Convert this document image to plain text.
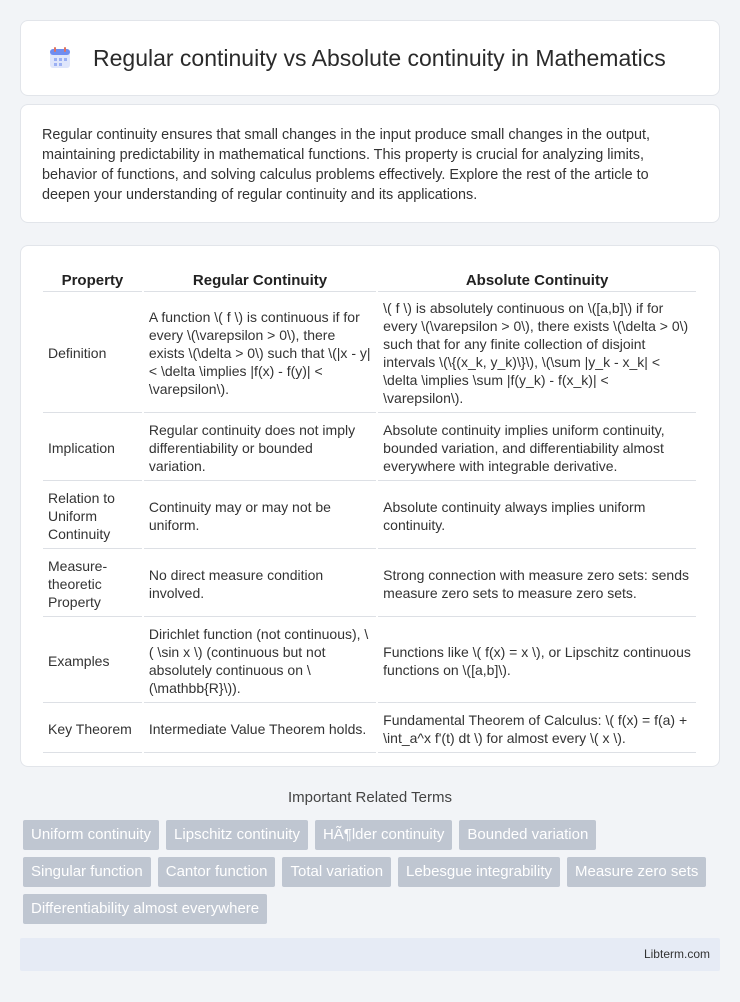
Regular continuity vs Absolute continuity in Mathematics

Regular continuity ensures that small changes in the input produce small changes in the output, maintaining predictability in mathematical functions. This property is crucial for analyzing limits, behavior of functions, and solving calculus problems effectively. Explore the rest of the article to deepen your understanding of regular continuity and its applications.

Property	Regular Continuity	Absolute Continuity
Definition	A function \( f \) is continuous if for every \(\varepsilon > 0\), there exists \(\delta > 0\) such that \(|x - y| < \delta \implies |f(x) - f(y)| < \varepsilon\).	\( f \) is absolutely continuous on \([a,b]\) if for every \(\varepsilon > 0\), there exists \(\delta > 0\) such that for any finite collection of disjoint intervals \(\{(x_k, y_k)\}\), \(\sum |y_k - x_k| < \delta \implies \sum |f(y_k) - f(x_k)| < \varepsilon\).
Implication	Regular continuity does not imply differentiability or bounded variation.	Absolute continuity implies uniform continuity, bounded variation, and differentiability almost everywhere with integrable derivative.
Relation to Uniform Continuity	Continuity may or may not be uniform.	Absolute continuity always implies uniform continuity.
Measure-theoretic Property	No direct measure condition involved.	Strong connection with measure zero sets: sends measure zero sets to measure zero sets.
Examples	Dirichlet function (not continuous), \( \sin x \) (continuous but not absolutely continuous on \(\mathbb{R}\)).	Functions like \( f(x) = x \), or Lipschitz continuous functions on \([a,b]\).
Key Theorem	Intermediate Value Theorem holds.	Fundamental Theorem of Calculus: \( f(x) = f(a) + \int_a^x f'(t) dt \) for almost every \( x \).
Important Related Terms
Uniform continuity	Lipschitz continuity	HÃ¶lder continuity	Bounded variation
Singular function	Cantor function	Total variation	Lebesgue integrability	Measure zero sets
Differentiability almost everywhere
Libterm.com
